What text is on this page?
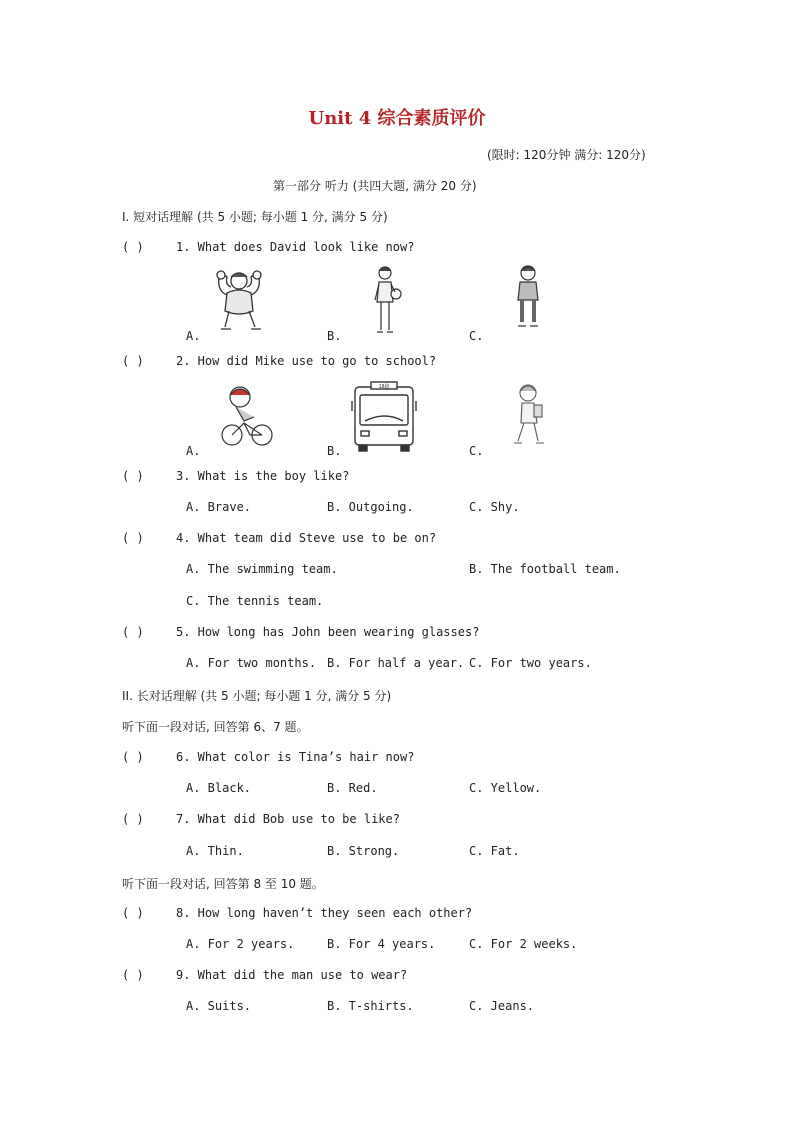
Unit 4 综合素质评价
(限时: 120分钟 满分: 120分)
第一部分 听力 (共四大题, 满分 20 分)
I. 短对话理解 (共 5 小题; 每小题 1 分, 满分 5 分)
( )	1. What does David look like now?
A.	B.	C.
( )	2. How did Mike use to go to school?
A.	B.	C.
18路
( )	3. What is the boy like?
A. Brave.	B. Outgoing.	C. Shy.
( )	4. What team did Steve use to be on?
A. The swimming team.	B. The football team.
C. The tennis team.
( )	5. How long has John been wearing glasses?
A. For two months. B. For half a year. C. For two years.
II. 长对话理解 (共 5 小题; 每小题 1 分, 满分 5 分)
听下面一段对话, 回答第 6、7 题。
( )	6. What color is Tina’s hair now?
A. Black.	B. Red.	C. Yellow.
( )	7. What did Bob use to be like?
A. Thin.	B. Strong.	C. Fat.
听下面一段对话, 回答第 8 至 10 题。
( )	8. How long haven’t they seen each other?
A. For 2 years.	B. For 4 years.	C. For 2 weeks.
( )	9. What did the man use to wear?
A. Suits.	B. T-shirts.	C. Jeans.
